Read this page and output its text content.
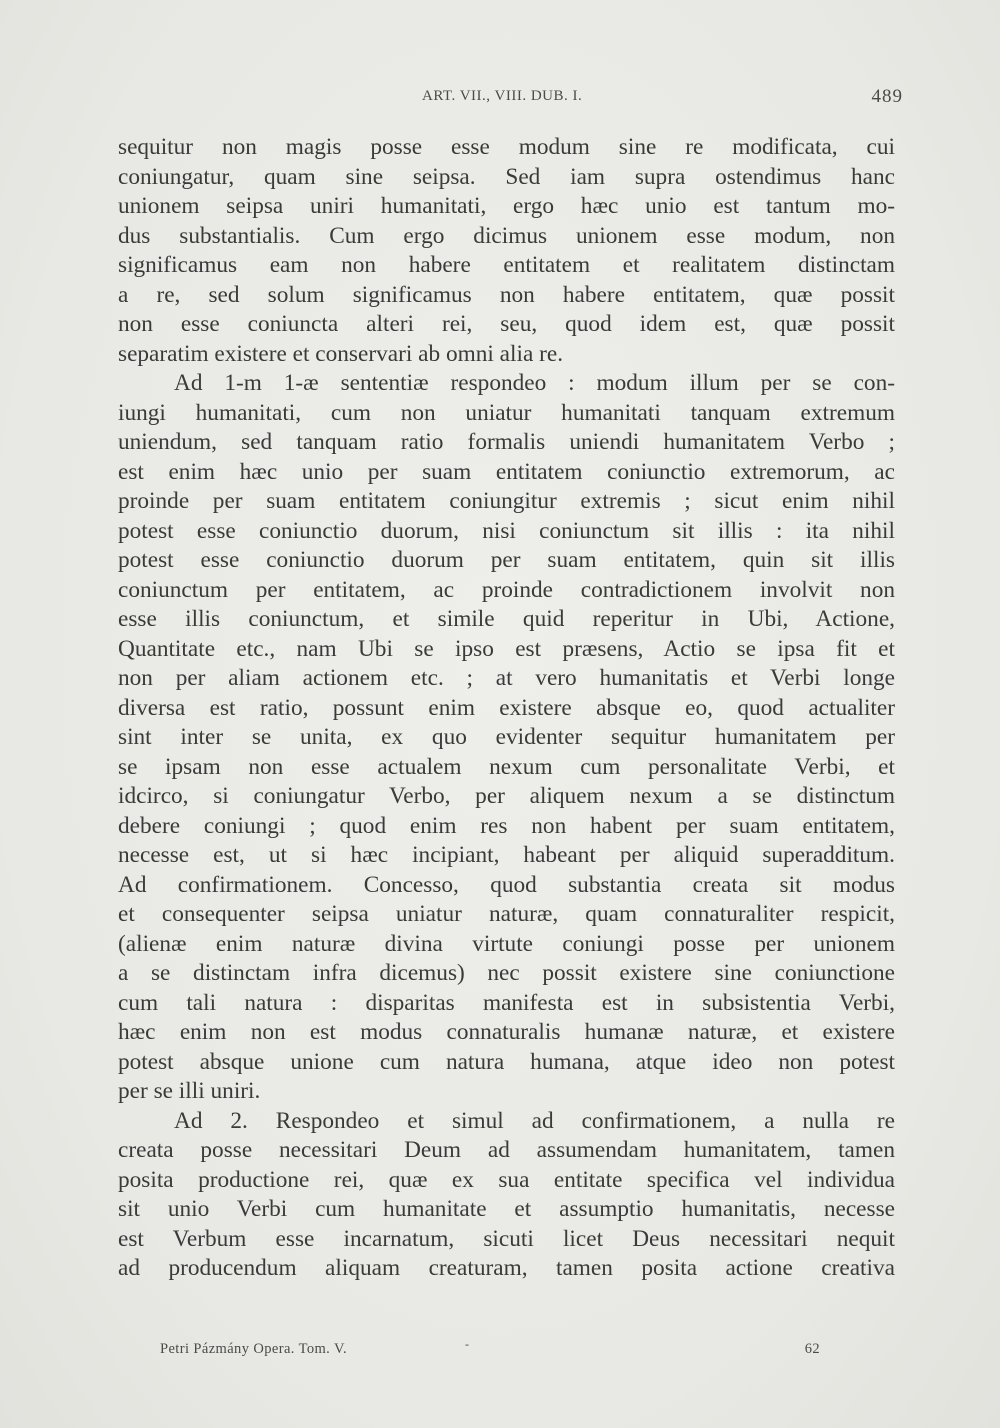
ART. VII., VIII. DUB. I.	489
sequitur non magis posse esse modum sine re modificata, cui
coniungatur, quam sine seipsa. Sed iam supra ostendimus hanc
unionem seipsa uniri humanitati, ergo hæc unio est tantum mo-
dus substantialis. Cum ergo dicimus unionem esse modum, non
significamus eam non habere entitatem et realitatem distinctam
a re, sed solum significamus non habere entitatem, quæ possit
non esse coniuncta alteri rei, seu, quod idem est, quæ possit
separatim existere et conservari ab omni alia re.
Ad 1-m 1-æ sententiæ respondeo : modum illum per se con-
iungi humanitati, cum non uniatur humanitati tanquam extremum
uniendum, sed tanquam ratio formalis uniendi humanitatem Verbo ;
est enim hæc unio per suam entitatem coniunctio extremorum, ac
proinde per suam entitatem coniungitur extremis ; sicut enim nihil
potest esse coniunctio duorum, nisi coniunctum sit illis : ita nihil
potest esse coniunctio duorum per suam entitatem, quin sit illis
coniunctum per entitatem, ac proinde contradictionem involvit non
esse illis coniunctum, et simile quid reperitur in Ubi, Actione,
Quantitate etc., nam Ubi se ipso est præsens, Actio se ipsa fit et
non per aliam actionem etc. ; at vero humanitatis et Verbi longe
diversa est ratio, possunt enim existere absque eo, quod actualiter
sint inter se unita, ex quo evidenter sequitur humanitatem per
se ipsam non esse actualem nexum cum personalitate Verbi, et
idcirco, si coniungatur Verbo, per aliquem nexum a se distinctum
debere coniungi ; quod enim res non habent per suam entitatem,
necesse est, ut si hæc incipiant, habeant per aliquid superadditum.
Ad confirmationem. Concesso, quod substantia creata sit modus
et consequenter seipsa uniatur naturæ, quam connaturaliter respicit,
(alienæ enim naturæ divina virtute coniungi posse per unionem
a se distinctam infra dicemus) nec possit existere sine coniunctione
cum tali natura : disparitas manifesta est in subsistentia Verbi,
hæc enim non est modus connaturalis humanæ naturæ, et existere
potest absque unione cum natura humana, atque ideo non potest
per se illi uniri.
Ad 2. Respondeo et simul ad confirmationem, a nulla re
creata posse necessitari Deum ad assumendam humanitatem, tamen
posita productione rei, quæ ex sua entitate specifica vel individua
sit unio Verbi cum humanitate et assumptio humanitatis, necesse
est Verbum esse incarnatum, sicuti licet Deus necessitari nequit
ad producendum aliquam creaturam, tamen posita actione creativa
Petri Pázmány Opera. Tom. V.	-	62
